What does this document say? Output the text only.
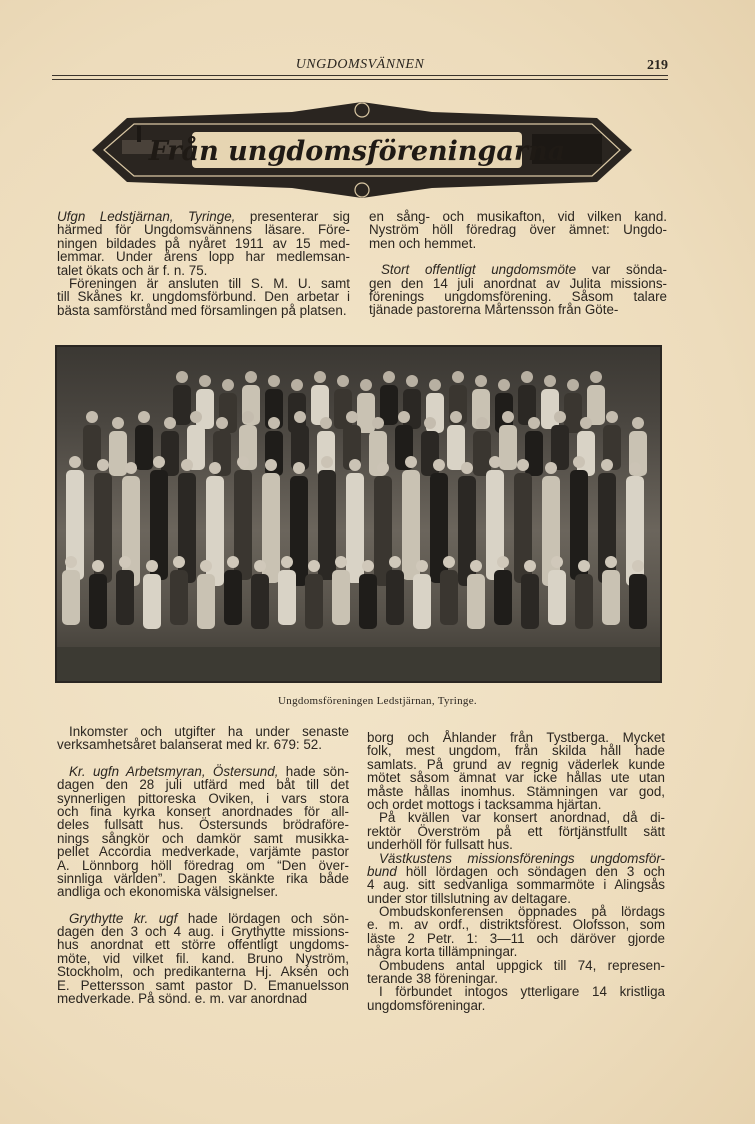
UNGDOMSVÄNNEN	219
Från ungdomsföreningarna
Ufgn Ledstjärnan, Tyringe, presenterar sig
härmed för Ungdomsvännens läsare. Före-
ningen bildades på nyåret 1911 av 15 med-
lemmar. Under årens lopp har medlemsan-
talet ökats och är f. n. 75.
Föreningen är ansluten till S. M. U. samt
till Skånes kr. ungdomsförbund. Den arbetar i
bästa samförstånd med församlingen på platsen.
en sång- och musikafton, vid vilken kand.
Nyström höll föredrag över ämnet: Ungdo-
men och hemmet.
Stort offentligt ungdomsmöte var söndа-
gen den 14 juli anordnat av Julita missions-
förenings ungdomsförening. Såsom talare
tjänade pastorerna Mårtensson från Göte-
Ungdomsföreningen Ledstjärnan, Tyringe.
Inkomster och utgifter ha under senaste
verksamhetsåret balanserat med kr. 679: 52.
Kr. ugfn Arbetsmyran, Östersund, hade sön-
dagen den 28 juli utfärd med båt till det
synnerligen pittoreska Oviken, i vars stora
och fina kyrka konsert anordnades för all-
deles fullsatt hus. Östersunds brödraföre-
nings sångkör och damkör samt musikka-
pellet Accordia medverkade, varjämte pastor
A. Lönnborg höll föredrag om “Den över-
sinnliga världen”. Dagen skänkte rika både
andliga och ekonomiska välsignelser.
Grythytte kr. ugf hade lördagen och sön-
dagen den 3 och 4 aug. i Grythytte missions-
hus anordnat ett större offentligt ungdoms-
möte, vid vilket fil. kand. Bruno Nyström,
Stockholm, och predikanterna Hj. Aksén och
E. Pettersson samt pastor D. Emanuelsson
medverkade. På sönd. e. m. var anordnad
borg och Åhlander från Tystberga. Mycket
folk, mest ungdom, från skilda håll hade
samlats. På grund av regnig väderlek kunde
mötet såsom ämnat var icke hållas ute utan
måste hållas inomhus. Stämningen var god,
och ordet mottogs i tacksamma hjärtan.
På kvällen var konsert anordnad, då di-
rektör Överström på ett förtjänstfullt sätt
underhöll för fullsatt hus.
Västkustens missionsförenings ungdomsför-
bund höll lördagen och söndagen den 3 och
4 aug. sitt sedvanliga sommarmöte i Alingsås
under stor tillslutning av deltagare.
Ombudskonferensen öppnades på lördags
e. m. av ordf., distriktsförest. Olofsson, som
läste 2 Petr. 1: 3—11 och däröver gjorde
några korta tillämpningar.
Ombudens antal uppgick till 74, represen-
terande 38 föreningar.
I förbundet intogos ytterligare 14 kristliga
ungdomsföreningar.
